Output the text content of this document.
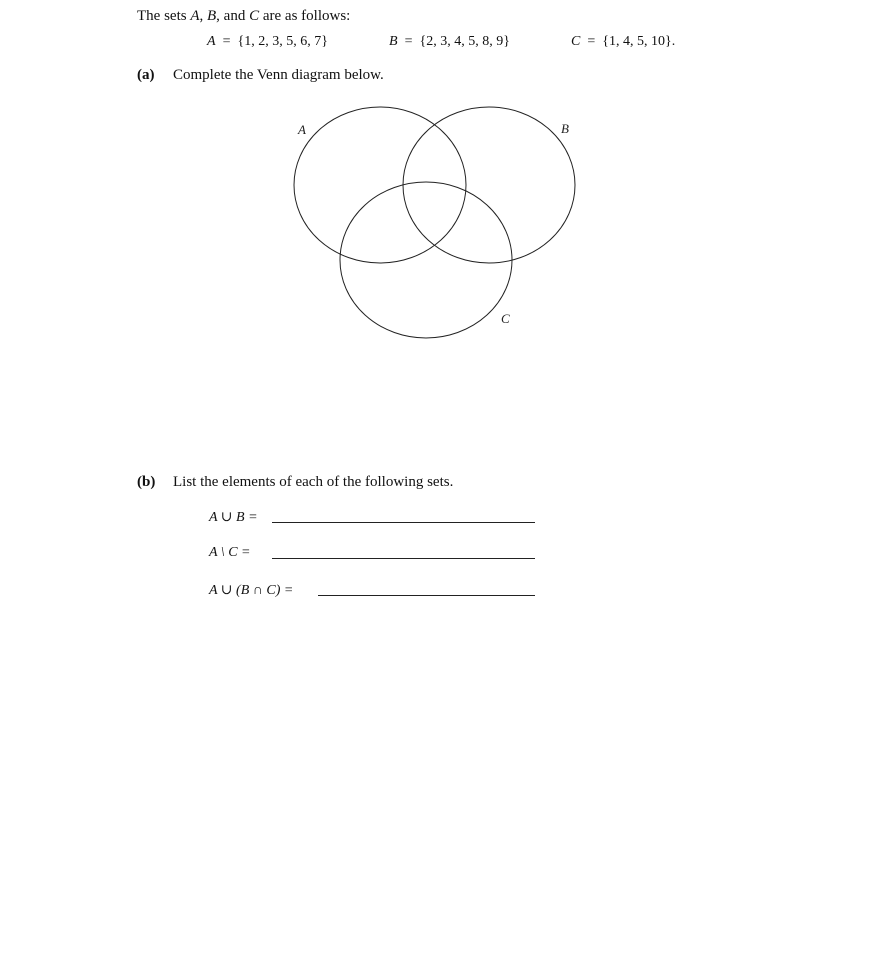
The sets A, B, and C are as follows:
A = {1, 2, 3, 5, 6, 7}	B = {2, 3, 4, 5, 8, 9}	C = {1, 4, 5, 10}.
(a) Complete the Venn diagram below.
A	B
C
(b) List the elements of each of the following sets.
A ∪ B =
A \ C =
A ∪ (B ∩ C) =
